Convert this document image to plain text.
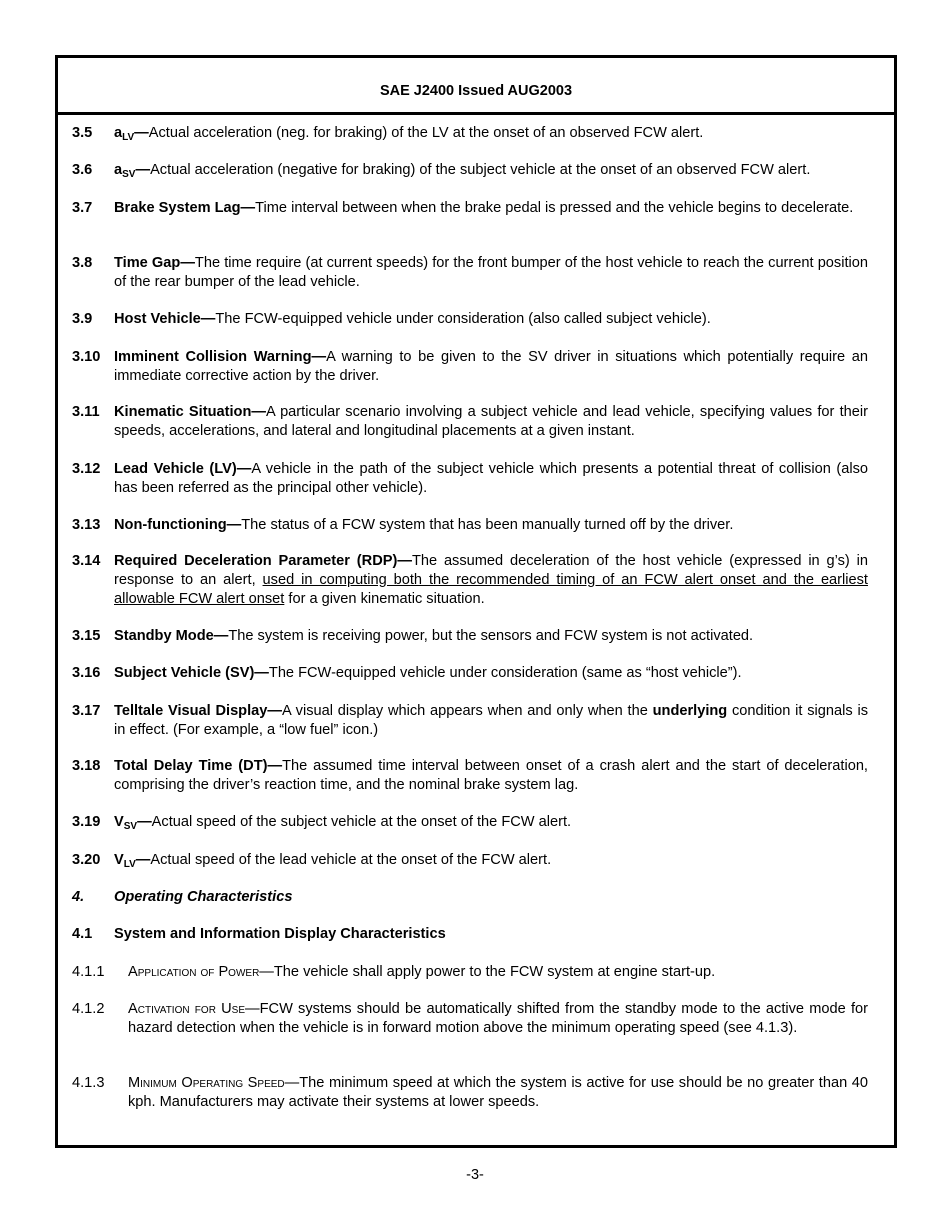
SAE J2400 Issued AUG2003
3.5	$a_{LV}—Actual$ acceleration (neg. for braking) of the LV at the onset of an observed FCW alert.
3.6	$a_{SV}—Actual$ acceleration (negative for braking) of the subject vehicle at the onset of an observed FCW alert.
3.7	Brake System Lag—Time interval between when the brake pedal is pressed and the vehicle begins to decelerate.
3.8	Time Gap—The time require (at current speeds) for the front bumper of the host vehicle to reach the current position of the rear bumper of the lead vehicle.
3.9	Host Vehicle—The FCW-equipped vehicle under consideration (also called subject vehicle).
3.10 Imminent Collision Warning—A warning to be given to the SV driver in situations which potentially require an immediate corrective action by the driver.
3.11 Kinematic Situation—A particular scenario involving a subject vehicle and lead vehicle, specifying values for their speeds, accelerations, and lateral and longitudinal placements at a given instant.
3.12 Lead Vehicle (LV)—A vehicle in the path of the subject vehicle which presents a potential threat of collision (also has been referred as the principal other vehicle).
3.13 Non-functioning—The status of a FCW system that has been manually turned off by the driver.
3.14 Required Deceleration Parameter (RDP)—The assumed deceleration of the host vehicle (expressed in g’s) in response to an alert, used in computing both the recommended timing of an FCW alert onset and the earliest allowable FCW alert onset for a given kinematic situation.
3.15 Standby Mode—The system is receiving power, but the sensors and FCW system is not activated.
3.16 Subject Vehicle (SV)—The FCW-equipped vehicle under consideration (same as “host vehicle”).
3.17 Telltale Visual Display—A visual display which appears when and only when the underlying condition it signals is in effect. (For example, a “low fuel” icon.)
3.18 Total Delay Time (DT)—The assumed time interval between onset of a crash alert and the start of deceleration, comprising the driver’s reaction time, and the nominal brake system lag.
3.19 $V_{SV}—Actual$ speed of the subject vehicle at the onset of the FCW alert.
3.20 $V_{LV}—Actual$ speed of the lead vehicle at the onset of the FCW alert.
4.	Operating Characteristics
4.1	System and Information Display Characteristics
4.1.1	Application of Power—The vehicle shall apply power to the FCW system at engine start-up.
4.1.2	Activation for Use—FCW systems should be automatically shifted from the standby mode to the active mode for hazard detection when the vehicle is in forward motion above the minimum operating speed (see 4.1.3).
4.1.3	Minimum Operating Speed—The minimum speed at which the system is active for use should be no greater than 40 kph. Manufacturers may activate their systems at lower speeds.
-3-
